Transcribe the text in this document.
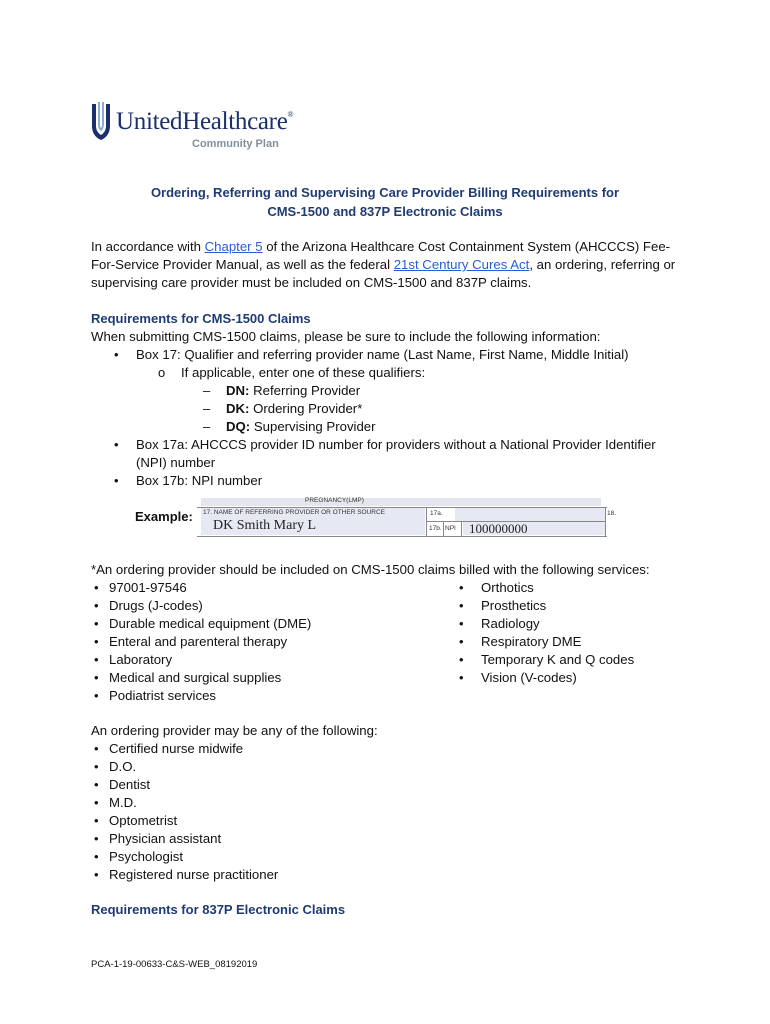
UnitedHealthcare®
Community Plan
Ordering, Referring and Supervising Care Provider Billing Requirements for
CMS-1500 and 837P Electronic Claims
In accordance with Chapter 5 of the Arizona Healthcare Cost Containment System (AHCCCS) Fee-
For-Service Provider Manual, as well as the federal 21st Century Cures Act, an ordering, referring or
supervising care provider must be included on CMS-1500 and 837P claims.
Requirements for CMS-1500 Claims
When submitting CMS-1500 claims, please be sure to include the following information:
• Box 17: Qualifier and referring provider name (Last Name, First Name, Middle Initial)
o If applicable, enter one of these qualifiers:
– DN: Referring Provider
– DK: Ordering Provider*
– DQ: Supervising Provider
• Box 17a: AHCCCS provider ID number for providers without a National Provider Identifier
(NPI) number
• Box 17b: NPI number
Example:
PREGNANCY(LMP)
17. NAME OF REFERRING PROVIDER OR OTHER SOURCE
DK Smith Mary L
17a.
17b. NPI 100000000
18.
*An ordering provider should be included on CMS-1500 claims billed with the following services:
• 97001-97546
• Drugs (J-codes)
• Durable medical equipment (DME)
• Enteral and parenteral therapy
• Laboratory
• Medical and surgical supplies
• Podiatrist services
• Orthotics
• Prosthetics
• Radiology
• Respiratory DME
• Temporary K and Q codes
• Vision (V-codes)
An ordering provider may be any of the following:
• Certified nurse midwife
• D.O.
• Dentist
• M.D.
• Optometrist
• Physician assistant
• Psychologist
• Registered nurse practitioner
Requirements for 837P Electronic Claims
PCA-1-19-00633-C&S-WEB_08192019
